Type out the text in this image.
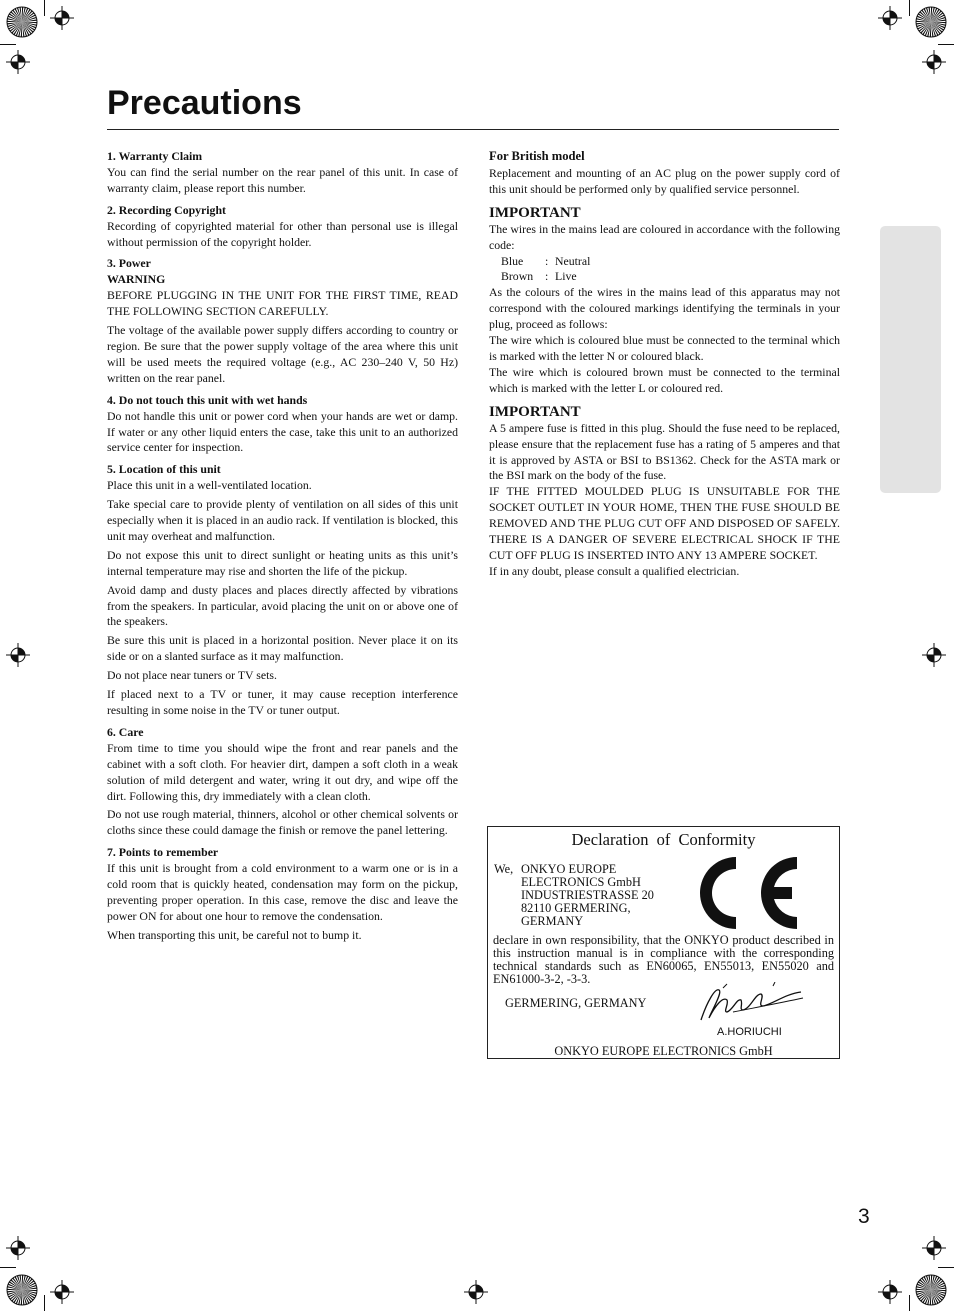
Precautions
1. Warranty Claim
You can find the serial number on the rear panel of this unit. In case of warranty claim, please report this number.
2. Recording Copyright
Recording of copyrighted material for other than personal use is illegal without permission of the copyright holder.
3. Power
WARNING
BEFORE PLUGGING IN THE UNIT FOR THE FIRST TIME, READ THE FOLLOWING SECTION CAREFULLY.
The voltage of the available power supply differs according to country or region. Be sure that the power supply voltage of the area where this unit will be used meets the required voltage (e.g., AC 230–240 V, 50 Hz) written on the rear panel.
4. Do not touch this unit with wet hands
Do not handle this unit or power cord when your hands are wet or damp. If water or any other liquid enters the case, take this unit to an authorized service center for inspection.
5. Location of this unit
Place this unit in a well-ventilated location.
Take special care to provide plenty of ventilation on all sides of this unit especially when it is placed in an audio rack. If ventilation is blocked, this unit may overheat and malfunction.
Do not expose this unit to direct sunlight or heating units as this unit’s internal temperature may rise and shorten the life of the pickup.
Avoid damp and dusty places and places directly affected by vibrations from the speakers. In particular, avoid placing the unit on or above one of the speakers.
Be sure this unit is placed in a horizontal position. Never place it on its side or on a slanted surface as it may malfunction.
Do not place near tuners or TV sets.
If placed next to a TV or tuner, it may cause reception interference resulting in some noise in the TV or tuner output.
6. Care
From time to time you should wipe the front and rear panels and the cabinet with a soft cloth. For heavier dirt, dampen a soft cloth in a weak solution of mild detergent and water, wring it out dry, and wipe off the dirt. Following this, dry immediately with a clean cloth.
Do not use rough material, thinners, alcohol or other chemical solvents or cloths since these could damage the finish or remove the panel lettering.
7. Points to remember
If this unit is brought from a cold environment to a warm one or is in a cold room that is quickly heated, condensation may form on the pickup, preventing proper operation. In this case, remove the disc and leave the power ON for about one hour to remove the condensation.
When transporting this unit, be careful not to bump it.
For British model
Replacement and mounting of an AC plug on the power supply cord of this unit should be performed only by qualified service personnel.
IMPORTANT
The wires in the mains lead are coloured in accordance with the following code:
Blue	: Neutral
Brown	: Live
As the colours of the wires in the mains lead of this apparatus may not correspond with the coloured markings identifying the terminals in your plug, proceed as follows:
The wire which is coloured blue must be connected to the terminal which is marked with the letter N or coloured black.
The wire which is coloured brown must be connected to the terminal which is marked with the letter L or coloured red.
IMPORTANT
A 5 ampere fuse is fitted in this plug. Should the fuse need to be replaced, please ensure that the replacement fuse has a rating of 5 amperes and that it is approved by ASTA or BSI to BS1362. Check for the ASTA mark or the BSI mark on the body of the fuse.
IF THE FITTED MOULDED PLUG IS UNSUITABLE FOR THE SOCKET OUTLET IN YOUR HOME, THEN THE FUSE SHOULD BE REMOVED AND THE PLUG CUT OFF AND DISPOSED OF SAFELY. THERE IS A DANGER OF SEVERE ELECTRICAL SHOCK IF THE CUT OFF PLUG IS INSERTED INTO ANY 13 AMPERE SOCKET.
If in any doubt, please consult a qualified electrician.
Declaration of Conformity
We, ONKYO EUROPE
ELECTRONICS GmbH
INDUSTRIESTRASSE 20
82110 GERMERING,
GERMANY
declare in own responsibility, that the ONKYO product described in this instruction manual is in compliance with the corresponding technical standards such as EN60065, EN55013, EN55020 and EN61000-3-2, -3-3.
GERMERING, GERMANY
A.HORIUCHI
ONKYO EUROPE ELECTRONICS GmbH
3
